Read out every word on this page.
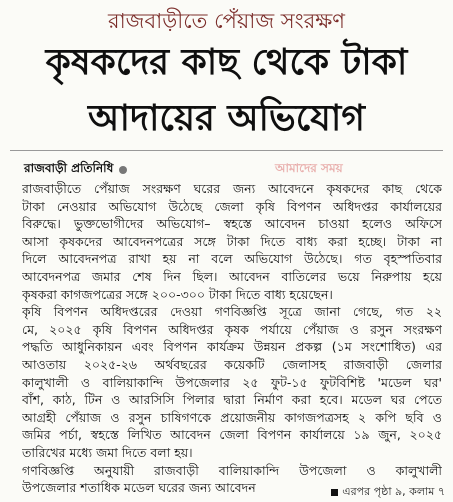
রাজবাড়ীতে পেঁয়াজ সংরক্ষণ
কৃষকদের কাছ থেকে টাকা
আদায়ের অভিযোগ
রাজবাড়ী প্রতিনিধি	আমাদের সময়
রাজবাড়ীতে পেঁয়াজ সংরক্ষণ ঘরের জন্য আবেদনে কৃষকদের কাছ থেকে
টাকা নেওয়ার অভিযোগ উঠেছে জেলা কৃষি বিপণন অধিদপ্তর কার্যালয়ের
বিরুদ্ধে। ভুক্তভোগীদের অভিযোগ– স্বহস্তে আবেদন চাওয়া হলেও অফিসে
আসা কৃষকদের আবেদনপত্রের সঙ্গে টাকা দিতে বাধ্য করা হচ্ছে। টাকা না
দিলে আবেদনপত্র রাখা হয় না বলে অভিযোগ উঠেছে। গত বৃহস্পতিবার
আবেদনপত্র জমার শেষ দিন ছিল। আবেদন বাতিলের ভয়ে নিরুপায় হয়ে
কৃষকরা কাগজপত্রের সঙ্গে ২০০-৩০০ টাকা দিতে বাধ্য হয়েছেন।
কৃষি বিপণন অধিদপ্তরের দেওয়া গণবিজ্ঞপ্তি সূত্রে জানা গেছে, গত ২২
মে, ২০২৫ কৃষি বিপণন অধিদপ্তর কৃষক পর্যায়ে পেঁয়াজ ও রসুন সংরক্ষণ
পদ্ধতি আধুনিকায়ন এবং বিপণন কার্যক্রম উন্নয়ন প্রকল্প (১ম সংশোধিত) এর
আওতায় ২০২৫-২৬ অর্থবছরের কয়েকটি জেলাসহ রাজবাড়ী জেলার
কালুখালী ও বালিয়াকান্দি উপজেলার ২৫ ফুট-১৫ ফুটবিশিষ্ট 'মডেল ঘর'
বাঁশ, কাঠ, টিন ও আরসিসি পিলার দ্বারা নির্মাণ করা হবে। মডেল ঘর পেতে
আগ্রহী পেঁয়াজ ও রসুন চাষিগণকে প্রয়োজনীয় কাগজপত্রসহ ২ কপি ছবি ও
জমির পর্চা, স্বহস্তে লিখিত আবেদন জেলা বিপণন কার্যালয়ে ১৯ জুন, ২০২৫
তারিখের মধ্যে জমা দিতে বলা হয়।
গণবিজ্ঞপ্তি অনুযায়ী রাজবাড়ী বালিয়াকান্দি উপজেলা ও কালুখালী
উপজেলার শতাধিক মডেল ঘরের জন্য আবেদন	এরপর পৃষ্ঠা ৯, কলাম ৭
